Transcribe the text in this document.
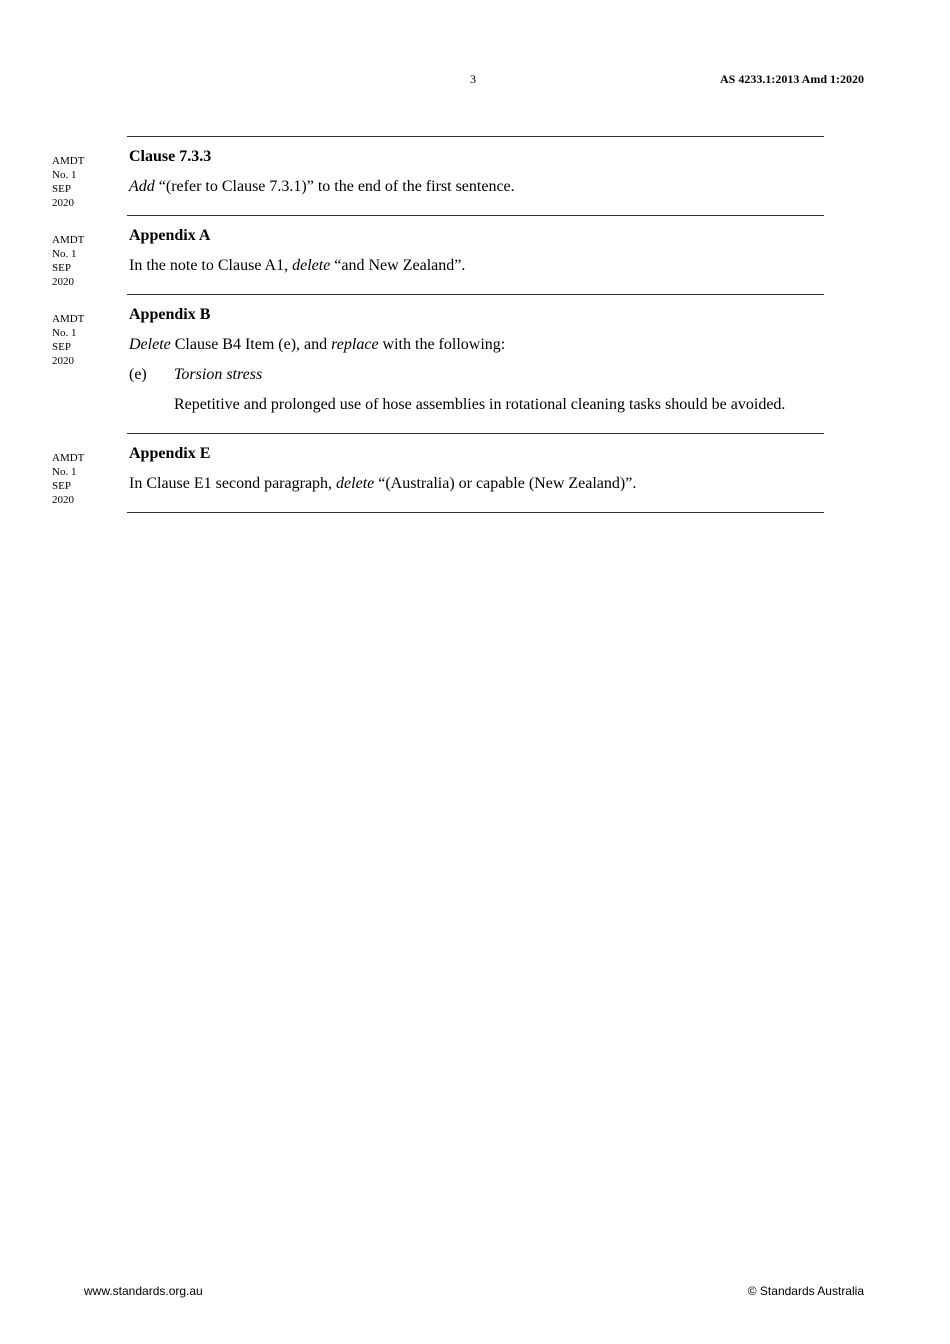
3	AS 4233.1:2013 Amd 1:2020
AMDT
No. 1
SEP
2020
Clause 7.3.3
Add “(refer to Clause 7.3.1)” to the end of the first sentence.
AMDT
No. 1
SEP
2020
Appendix A
In the note to Clause A1, delete “and New Zealand”.
AMDT
No. 1
SEP
2020
Appendix B
Delete Clause B4 Item (e), and replace with the following:
(e)	Torsion stress
Repetitive and prolonged use of hose assemblies in rotational cleaning tasks should be avoided.
AMDT
No. 1
SEP
2020
Appendix E
In Clause E1 second paragraph, delete “(Australia) or capable (New Zealand)”.
www.standards.org.au	© Standards Australia
